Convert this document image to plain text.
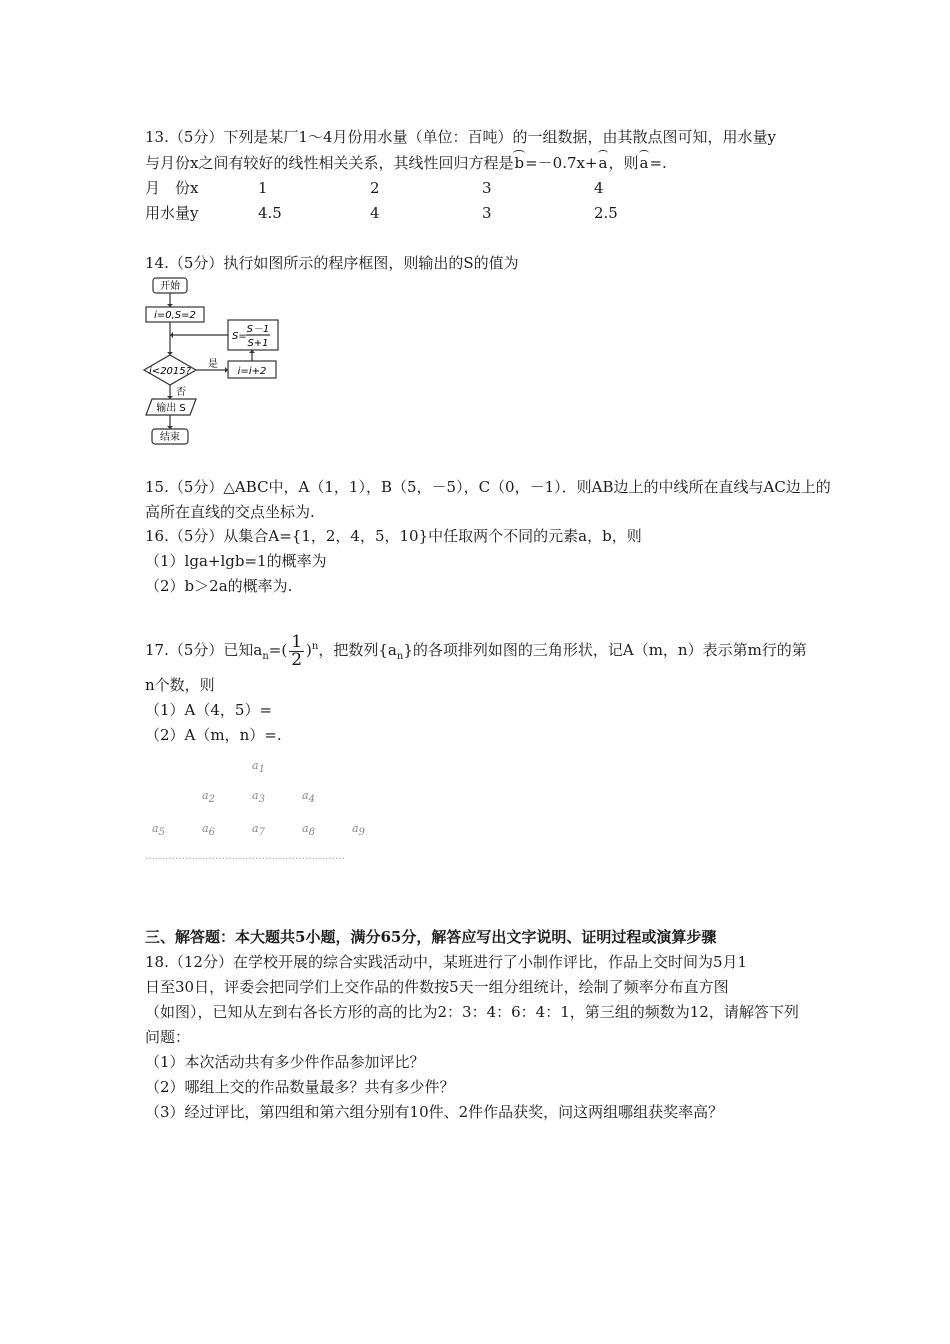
13.（5分）下列是某厂1～4月份用水量（单位：百吨）的一组数据，由其散点图可知，用水量y
与月份x之间有较好的线性相关关系，其线性回归方程是b=－0.7x+a，则a=.
月　份x	1	2	3	4
用水量y	4.5	4	3	2.5
14.（5分）执行如图所示的程序框图，则输出的S的值为
开始
i=0,S=2
i<2015?
是
否
i=i+2
S=
S－1
S+1
输出 S
结束
15.（5分）△ABC中，A（1，1），B（5，－5），C（0，－1）．则AB边上的中线所在直线与AC边上的
高所在直线的交点坐标为.
16.（5分）从集合A={1，2，4，5，10}中任取两个不同的元素a，b，则
（1）lga+lgb=1的概率为
（2）b＞2a的概率为.
17.（5分）已知$a_n=( \frac{1}{2} )^n$，把数列$\{a_n\}$的各项排列如图的三角形状，记A（m，n）表示第m行的第
n个数，则
（1）A（4，5）=
（2）A（m，n）=.
$a_1$
$a_2$	$a_3$	$a_4$
$a_5$	$a_6$	$a_7$	$a_8$	$a_9$
……………………………………………………
三、解答题：本大题共5小题，满分65分，解答应写出文字说明、证明过程或演算步骤
18.（12分）在学校开展的综合实践活动中，某班进行了小制作评比，作品上交时间为5月1
日至30日，评委会把同学们上交作品的件数按5天一组分组统计，绘制了频率分布直方图
（如图），已知从左到右各长方形的高的比为2：3：4：6：4：1，第三组的频数为12，请解答下列
问题：
（1）本次活动共有多少件作品参加评比？
（2）哪组上交的作品数量最多？共有多少件？
（3）经过评比，第四组和第六组分别有10件、2件作品获奖，问这两组哪组获奖率高？
